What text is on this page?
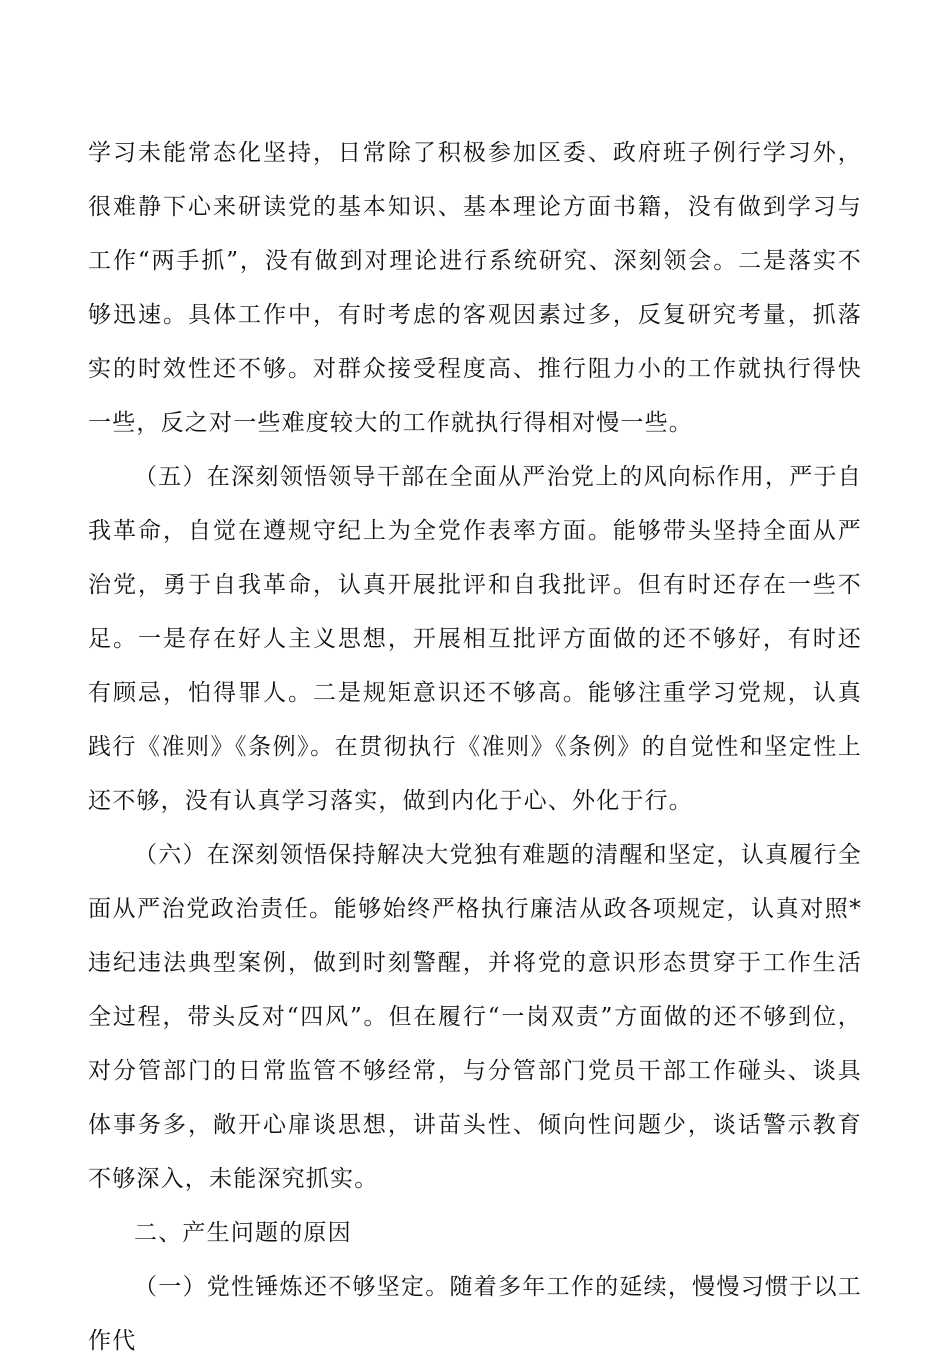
学习未能常态化坚持，日常除了积极参加区委、政府班子例行学习外，很难静下心来研读党的基本知识、基本理论方面书籍，没有做到学习与工作“两手抓”，没有做到对理论进行系统研究、深刻领会。二是落实不够迅速。具体工作中，有时考虑的客观因素过多，反复研究考量，抓落实的时效性还不够。对群众接受程度高、推行阻力小的工作就执行得快一些，反之对一些难度较大的工作就执行得相对慢一些。

（五）在深刻领悟领导干部在全面从严治党上的风向标作用，严于自我革命，自觉在遵规守纪上为全党作表率方面。能够带头坚持全面从严治党，勇于自我革命，认真开展批评和自我批评。但有时还存在一些不足。一是存在好人主义思想，开展相互批评方面做的还不够好，有时还有顾忌，怕得罪人。二是规矩意识还不够高。能够注重学习党规，认真践行《准则》《条例》。在贯彻执行《准则》《条例》的自觉性和坚定性上还不够，没有认真学习落实，做到内化于心、外化于行。

（六）在深刻领悟保持解决大党独有难题的清醒和坚定，认真履行全面从严治党政治责任。能够始终严格执行廉洁从政各项规定，认真对照*违纪违法典型案例，做到时刻警醒，并将党的意识形态贯穿于工作生活全过程，带头反对“四风”。但在履行“一岗双责”方面做的还不够到位，对分管部门的日常监管不够经常，与分管部门党员干部工作碰头、谈具体事务多，敞开心扉谈思想，讲苗头性、倾向性问题少，谈话警示教育不够深入，未能深究抓实。

二、产生问题的原因

（一）党性锤炼还不够坚定。随着多年工作的延续，慢慢习惯于以工作代
